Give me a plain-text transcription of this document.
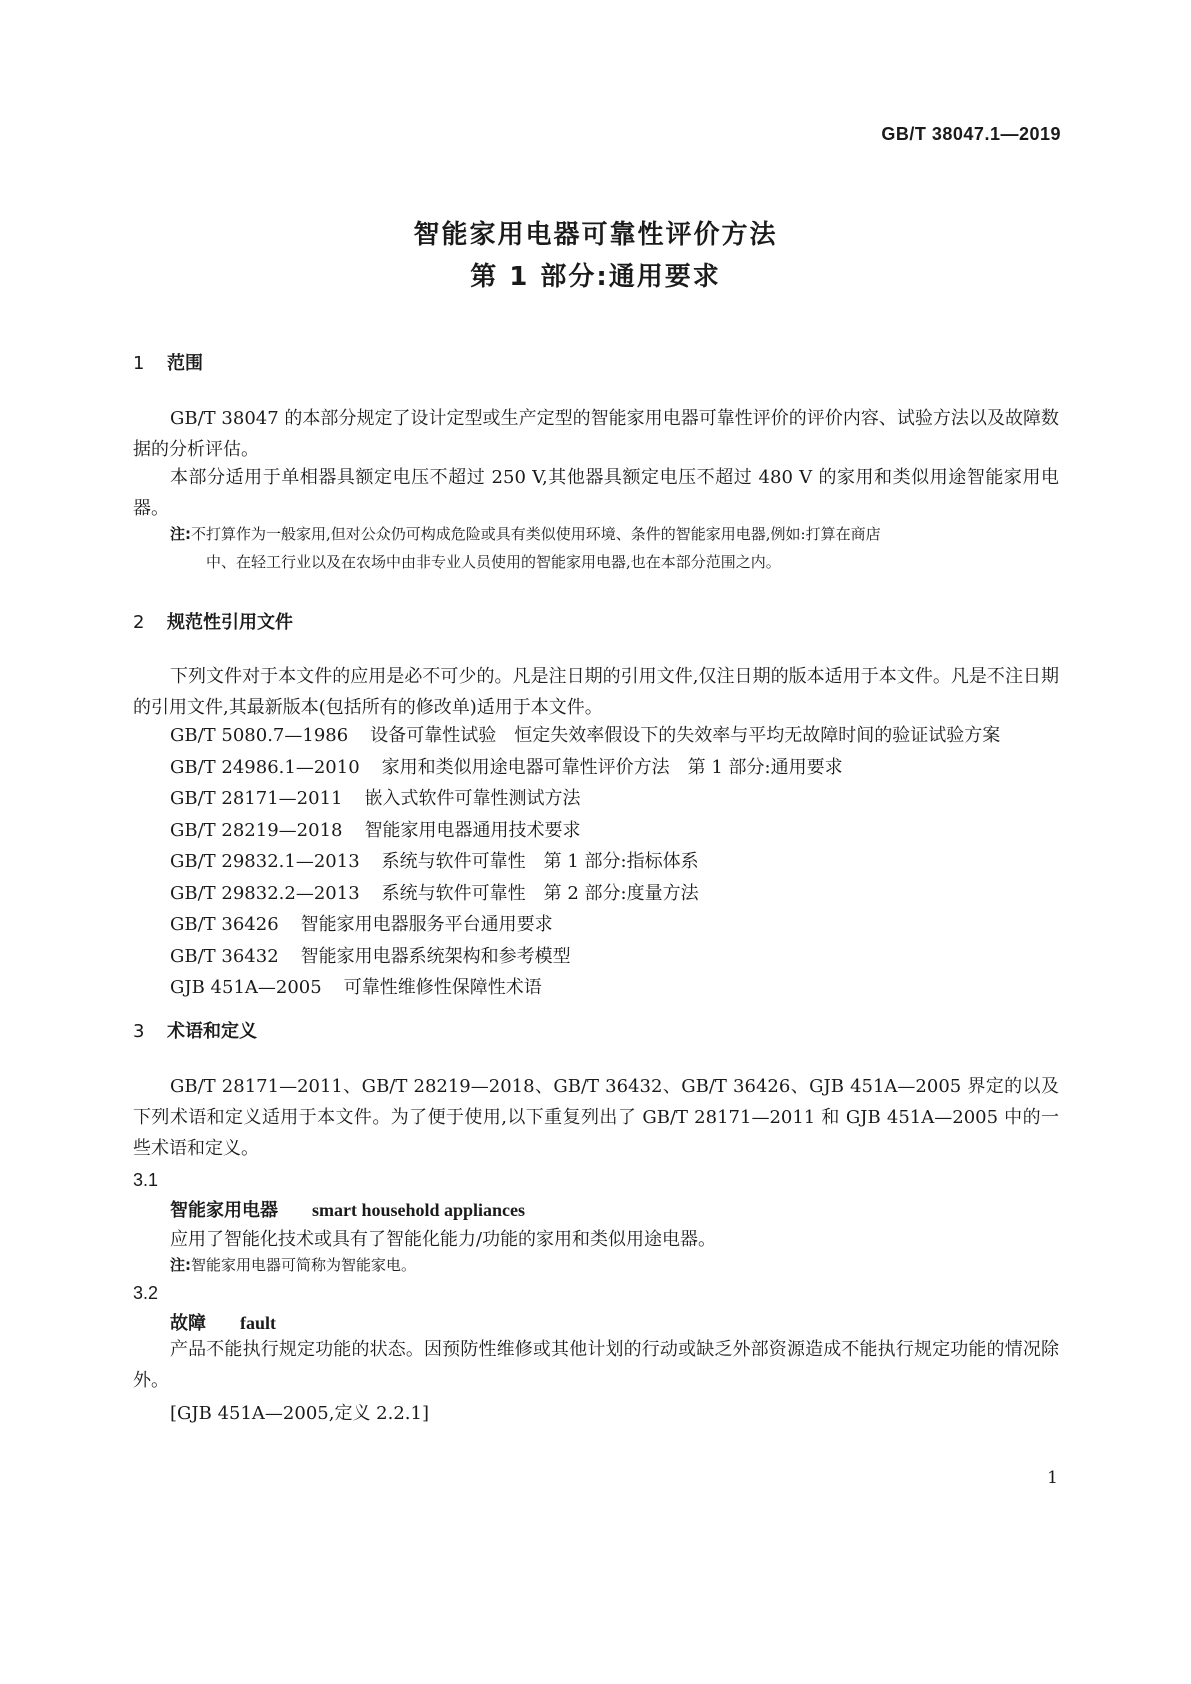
GB/T 38047.1—2019
智能家用电器可靠性评价方法
第 1 部分:通用要求
1 范围
GB/T 38047 的本部分规定了设计定型或生产定型的智能家用电器可靠性评价的评价内容、试验方法以及故障数据的分析评估。
本部分适用于单相器具额定电压不超过 250 V,其他器具额定电压不超过 480 V 的家用和类似用途智能家用电器。
注:不打算作为一般家用,但对公众仍可构成危险或具有类似使用环境、条件的智能家用电器,例如:打算在商店
中、在轻工行业以及在农场中由非专业人员使用的智能家用电器,也在本部分范围之内。
2 规范性引用文件
下列文件对于本文件的应用是必不可少的。凡是注日期的引用文件,仅注日期的版本适用于本文件。凡是不注日期的引用文件,其最新版本(包括所有的修改单)适用于本文件。
GB/T 5080.7—1986 设备可靠性试验　恒定失效率假设下的失效率与平均无故障时间的验证试验方案
GB/T 24986.1—2010 家用和类似用途电器可靠性评价方法　第 1 部分:通用要求
GB/T 28171—2011 嵌入式软件可靠性测试方法
GB/T 28219—2018 智能家用电器通用技术要求
GB/T 29832.1—2013 系统与软件可靠性　第 1 部分:指标体系
GB/T 29832.2—2013 系统与软件可靠性　第 2 部分:度量方法
GB/T 36426 智能家用电器服务平台通用要求
GB/T 36432 智能家用电器系统架构和参考模型
GJB 451A—2005 可靠性维修性保障性术语
3 术语和定义
GB/T 28171—2011、GB/T 28219—2018、GB/T 36432、GB/T 36426、GJB 451A—2005 界定的以及下列术语和定义适用于本文件。为了便于使用,以下重复列出了 GB/T 28171—2011 和 GJB 451A—2005 中的一些术语和定义。
3.1
智能家用电器 smart household appliances
应用了智能化技术或具有了智能化能力/功能的家用和类似用途电器。
注:智能家用电器可简称为智能家电。
3.2
故障 fault
产品不能执行规定功能的状态。因预防性维修或其他计划的行动或缺乏外部资源造成不能执行规定功能的情况除外。
[GJB 451A—2005,定义 2.2.1]
1
